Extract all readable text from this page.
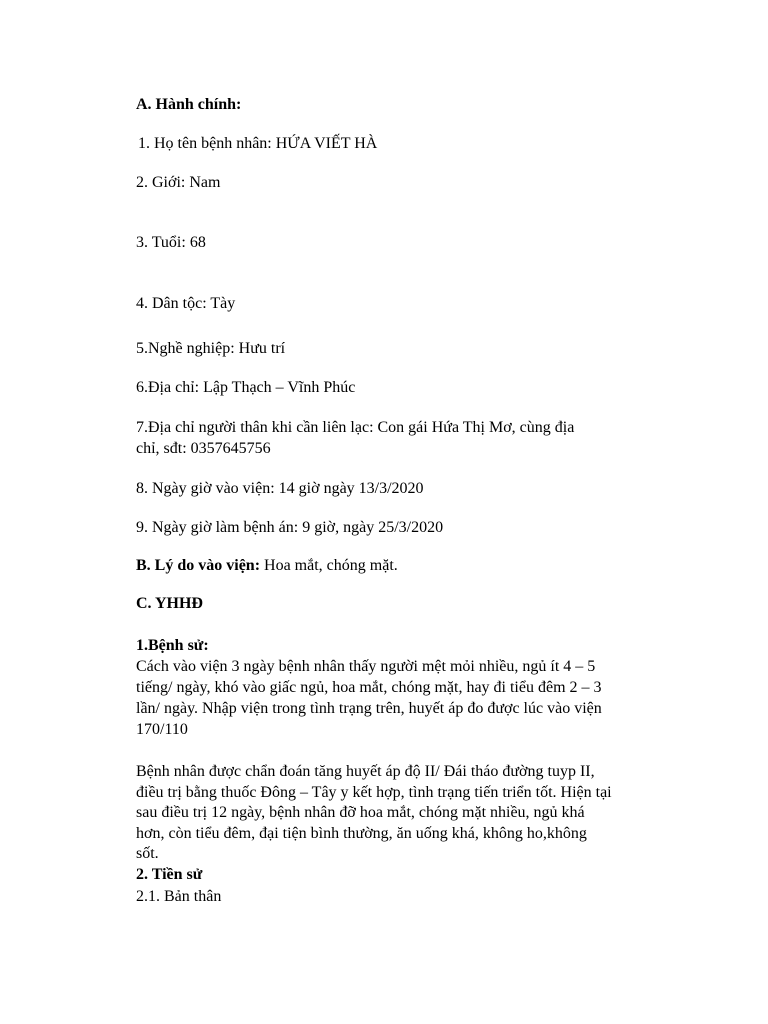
A. Hành chính:

1. Họ tên bệnh nhân: HỨA VIẾT HÀ

2. Giới: Nam

3. Tuổi: 68

4. Dân tộc: Tày

5.Nghề nghiệp: Hưu trí

6.Địa chỉ: Lập Thạch – Vĩnh Phúc

7.Địa chỉ người thân khi cần liên lạc: Con gái Hứa Thị Mơ, cùng địa

chỉ, sđt: 0357645756

8. Ngày giờ vào viện: 14 giờ ngày 13/3/2020

9. Ngày giờ làm bệnh án: 9 giờ, ngày 25/3/2020

B. Lý do vào viện: Hoa mắt, chóng mặt.

C. YHHĐ

1.Bệnh sử:

Cách vào viện 3 ngày bệnh nhân thấy người mệt mỏi nhiều, ngủ ít 4 – 5

tiếng/ ngày, khó vào giấc ngủ, hoa mắt, chóng mặt, hay đi tiểu đêm 2 – 3

lần/ ngày. Nhập viện trong tình trạng trên, huyết áp đo được lúc vào viện

170/110

Bệnh nhân được chẩn đoán tăng huyết áp độ II/ Đái tháo đường tuyp II,

điều trị bằng thuốc Đông – Tây y kết hợp, tình trạng tiến triển tốt. Hiện tại

sau điều trị 12 ngày, bệnh nhân đỡ hoa mắt, chóng mặt nhiều, ngủ khá

hơn, còn tiểu đêm, đại tiện bình thường, ăn uống khá, không ho,không

sốt.

2. Tiền sử

2.1. Bản thân
